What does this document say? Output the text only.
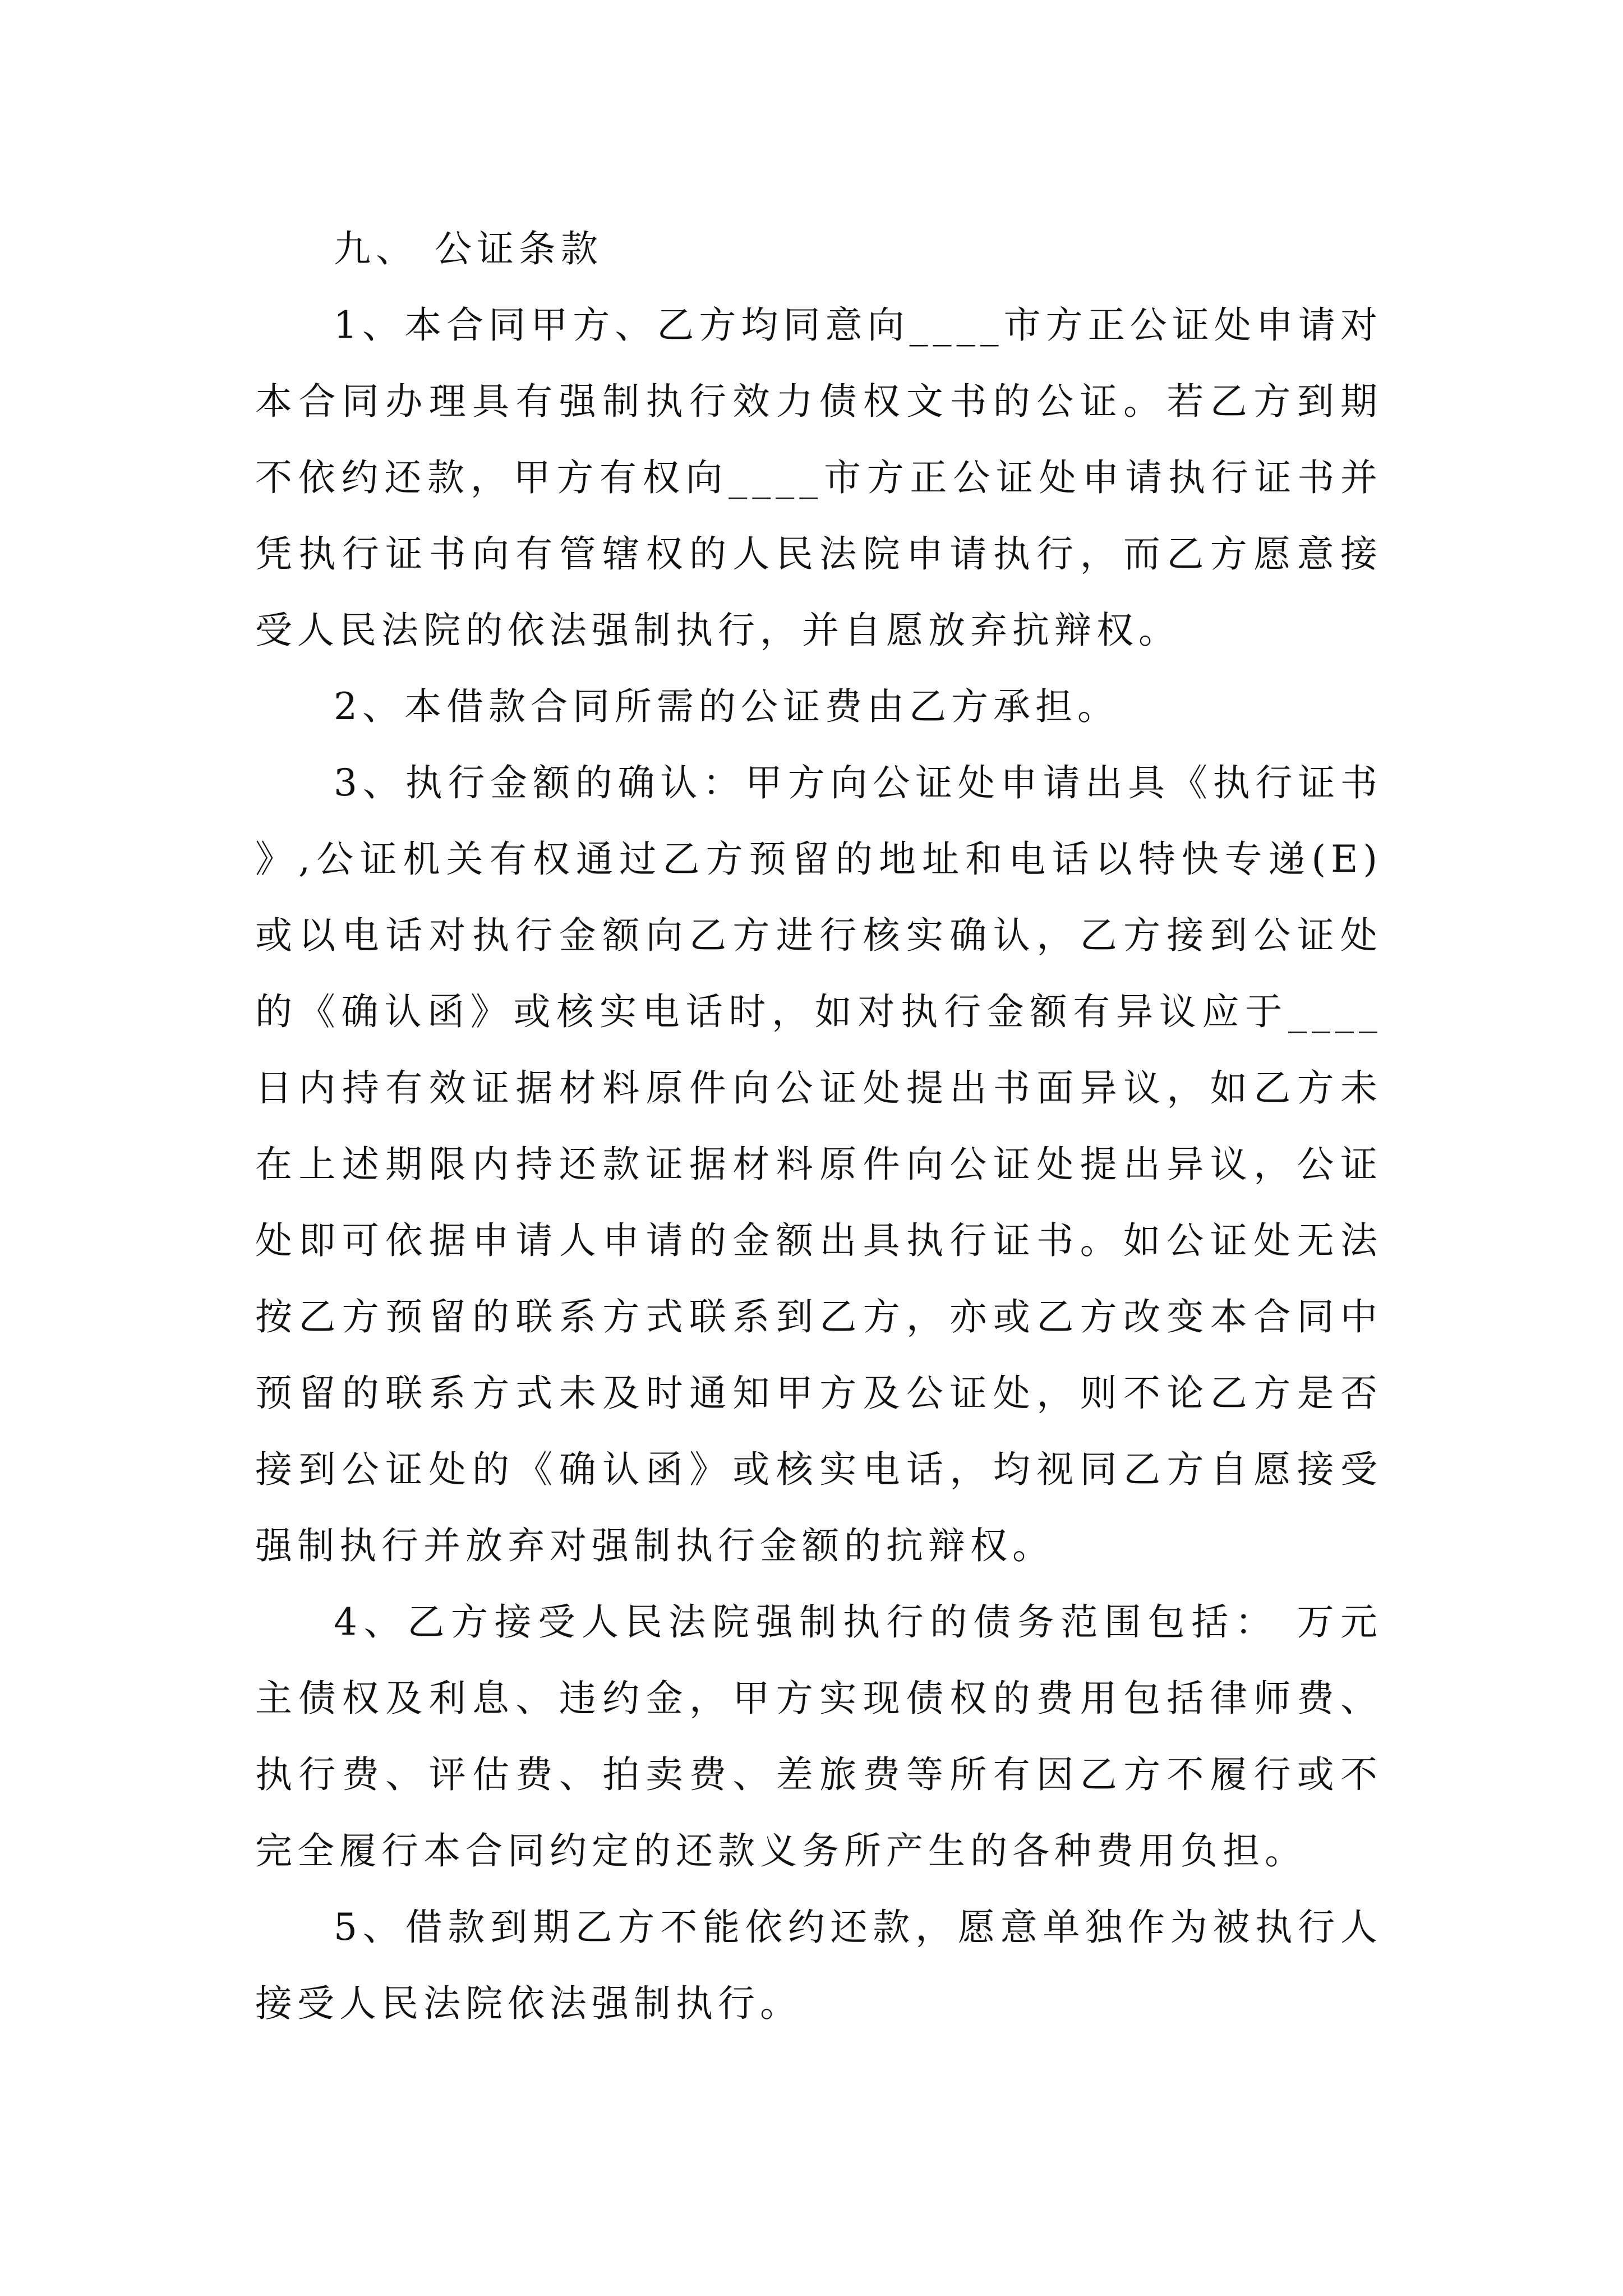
九、 公证条款

1、本合同甲方、乙方均同意向____市方正公证处申请对本合同办理具有强制执行效力债权文书的公证。若乙方到期不依约还款，甲方有权向____市方正公证处申请执行证书并凭执行证书向有管辖权的人民法院申请执行，而乙方愿意接受人民法院的依法强制执行，并自愿放弃抗辩权。

2、本借款合同所需的公证费由乙方承担。

3、执行金额的确认：甲方向公证处申请出具《执行证书》,公证机关有权通过乙方预留的地址和电话以特快专递(E)或以电话对执行金额向乙方进行核实确认，乙方接到公证处的《确认函》或核实电话时，如对执行金额有异议应于____日内持有效证据材料原件向公证处提出书面异议，如乙方未在上述期限内持还款证据材料原件向公证处提出异议，公证处即可依据申请人申请的金额出具执行证书。如公证处无法按乙方预留的联系方式联系到乙方，亦或乙方改变本合同中预留的联系方式未及时通知甲方及公证处，则不论乙方是否接到公证处的《确认函》或核实电话，均视同乙方自愿接受强制执行并放弃对强制执行金额的抗辩权。

4、乙方接受人民法院强制执行的债务范围包括： 万元主债权及利息、违约金，甲方实现债权的费用包括律师费、执行费、评估费、拍卖费、差旅费等所有因乙方不履行或不完全履行本合同约定的还款义务所产生的各种费用负担。

5、借款到期乙方不能依约还款，愿意单独作为被执行人接受人民法院依法强制执行。
